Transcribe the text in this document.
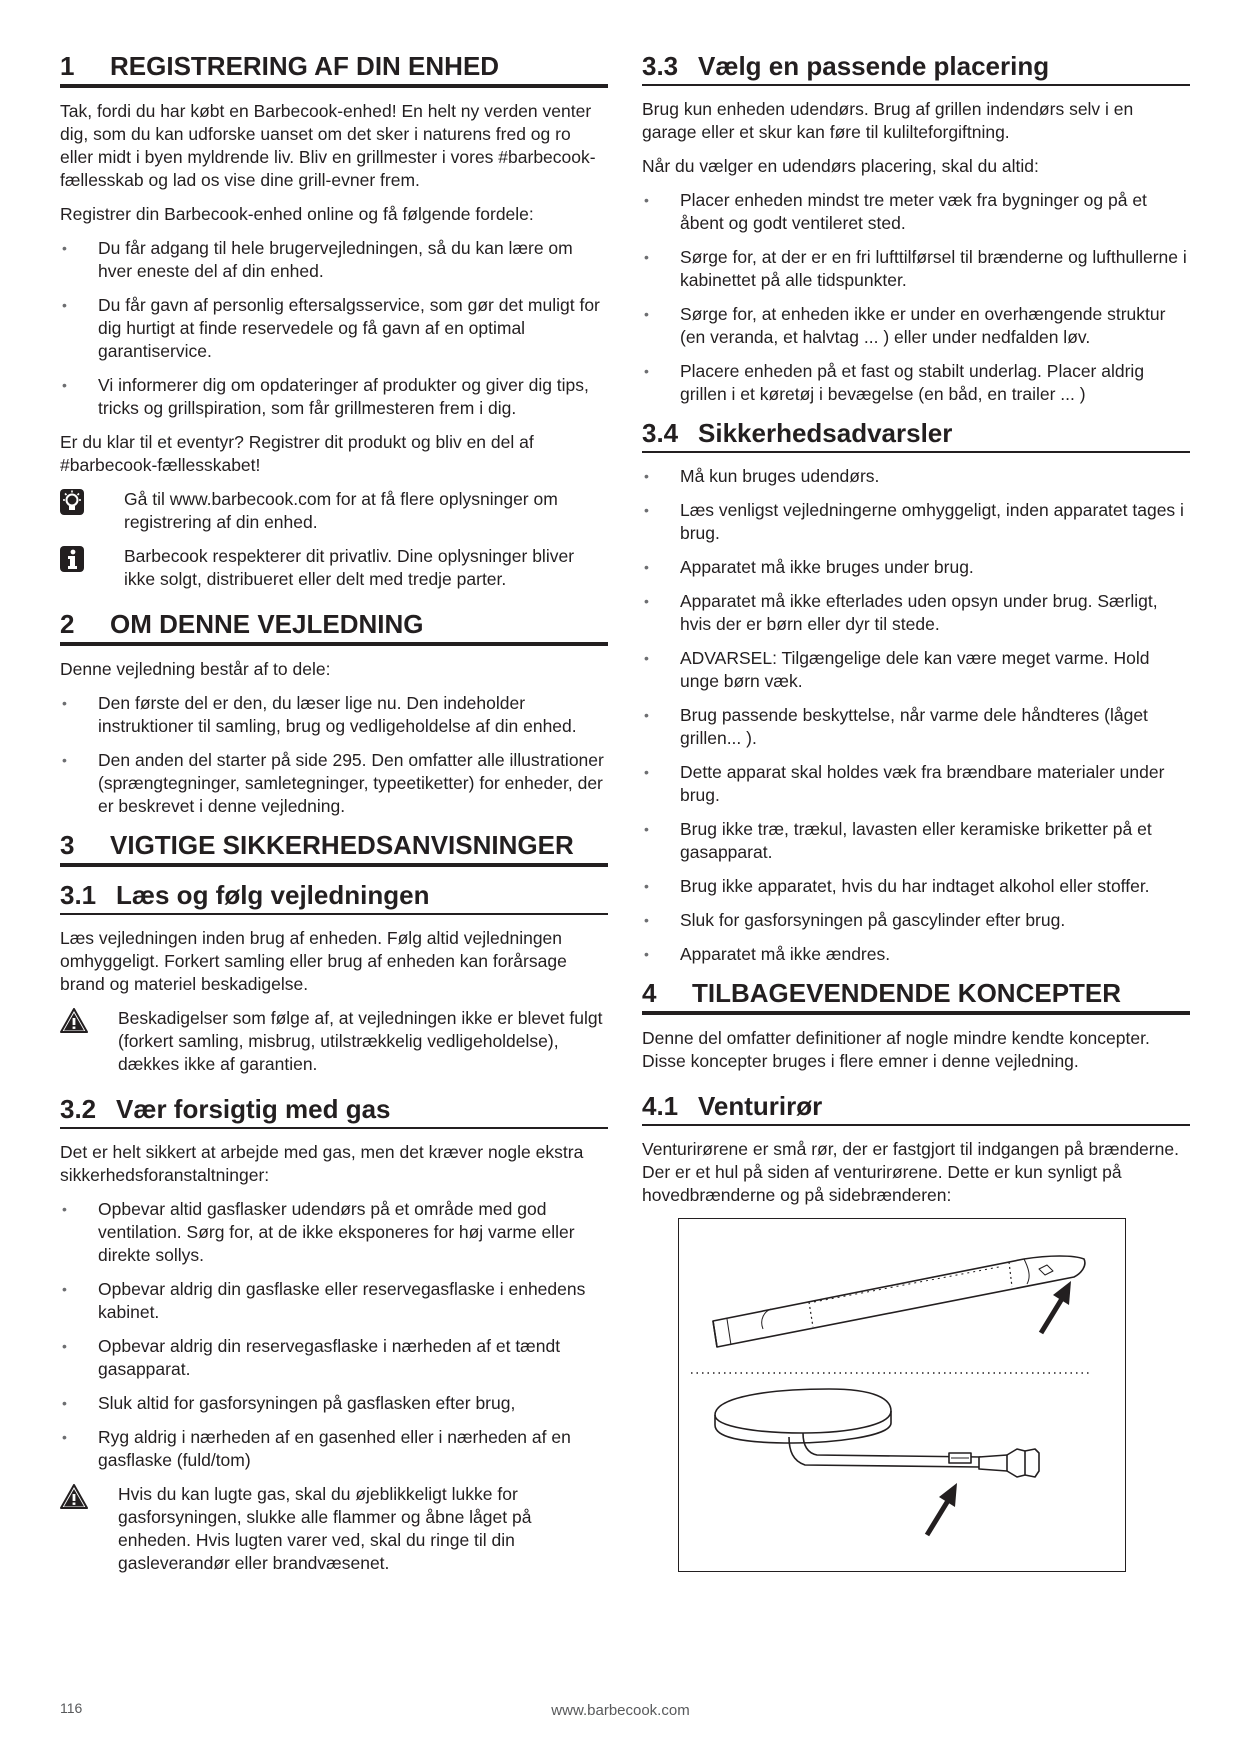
1	REGISTRERING AF DIN ENHED

Tak, fordi du har købt en Barbecook-enhed! En helt ny verden venter dig, som du kan udforske uanset om det sker i naturens fred og ro eller midt i byen myldrende liv. Bliv en grillmester i vores #barbecook-fællesskab og lad os vise dine grill-evner frem.

Registrer din Barbecook-enhed online og få følgende fordele:

• Du får adgang til hele brugervejledningen, så du kan lære om hver eneste del af din enhed.
• Du får gavn af personlig eftersalgsservice, som gør det muligt for dig hurtigt at finde reservedele og få gavn af en optimal garantiservice.
• Vi informerer dig om opdateringer af produkter og giver dig tips, tricks og grillspiration, som får grillmesteren frem i dig.

Er du klar til et eventyr? Registrer dit produkt og bliv en del af #barbecook-fællesskabet!

Gå til www.barbecook.com for at få flere oplysninger om registrering af din enhed.
Barbecook respekterer dit privatliv. Dine oplysninger bliver ikke solgt, distribueret eller delt med tredje parter.
2	OM DENNE VEJLEDNING

Denne vejledning består af to dele:

• Den første del er den, du læser lige nu. Den indeholder instruktioner til samling, brug og vedligeholdelse af din enhed.
• Den anden del starter på side 295. Den omfatter alle illustrationer (sprængtegninger, samletegninger, typeetiketter) for enheder, der er beskrevet i denne vejledning.
3	VIGTIGE SIKKERHEDSANVISNINGER
3.1 Læs og følg vejledningen

Læs vejledningen inden brug af enheden. Følg altid vejledningen omhyggeligt. Forkert samling eller brug af enheden kan forårsage brand og materiel beskadigelse.

Beskadigelser som følge af, at vejledningen ikke er blevet fulgt (forkert samling, misbrug, utilstrækkelig vedligeholdelse), dækkes ikke af garantien.
3.2 Vær forsigtig med gas

Det er helt sikkert at arbejde med gas, men det kræver nogle ekstra sikkerhedsforanstaltninger:

• Opbevar altid gasflasker udendørs på et område med god ventilation. Sørg for, at de ikke eksponeres for høj varme eller direkte sollys.
• Opbevar aldrig din gasflaske eller reservegasflaske i enhedens kabinet.
• Opbevar aldrig din reservegasflaske i nærheden af et tændt gasapparat.
• Sluk altid for gasforsyningen på gasflasken efter brug,
• Ryg aldrig i nærheden af en gasenhed eller i nærheden af en gasflaske (fuld/tom)
Hvis du kan lugte gas, skal du øjeblikkeligt lukke for gasforsyningen, slukke alle flammer og åbne låget på enheden. Hvis lugten varer ved, skal du ringe til din gasleverandør eller brandvæsenet.
3.3 Vælg en passende placering

Brug kun enheden udendørs. Brug af grillen indendørs selv i en garage eller et skur kan føre til kulilteforgiftning.

Når du vælger en udendørs placering, skal du altid:

• Placer enheden mindst tre meter væk fra bygninger og på et åbent og godt ventileret sted.
• Sørge for, at der er en fri lufttilførsel til brænderne og lufthullerne i kabinettet på alle tidspunkter.
• Sørge for, at enheden ikke er under en overhængende struktur (en veranda, et halvtag ... ) eller under nedfalden løv.
• Placere enheden på et fast og stabilt underlag. Placer aldrig grillen i et køretøj i bevægelse (en båd, en trailer ... )
3.4 Sikkerhedsadvarsler
• Må kun bruges udendørs.
• Læs venligst vejledningerne omhyggeligt, inden apparatet tages i brug.
• Apparatet må ikke bruges under brug.
• Apparatet må ikke efterlades uden opsyn under brug. Særligt, hvis der er børn eller dyr til stede.
• ADVARSEL: Tilgængelige dele kan være meget varme. Hold unge børn væk.
• Brug passende beskyttelse, når varme dele håndteres (låget grillen... ).
• Dette apparat skal holdes væk fra brændbare materialer under brug.
• Brug ikke træ, trækul, lavasten eller keramiske briketter på et gasapparat.
• Brug ikke apparatet, hvis du har indtaget alkohol eller stoffer.
• Sluk for gasforsyningen på gascylinder efter brug.
• Apparatet må ikke ændres.
4	TILBAGEVENDENDE KONCEPTER

Denne del omfatter definitioner af nogle mindre kendte koncepter. Disse koncepter bruges i flere emner i denne vejledning.

4.1 Venturirør

Venturirørene er små rør, der er fastgjort til indgangen på brænderne. Der er et hul på siden af venturirørene. Dette er kun synligt på hovedbrænderne og på sidebrænderen:

116	www.barbecook.com
